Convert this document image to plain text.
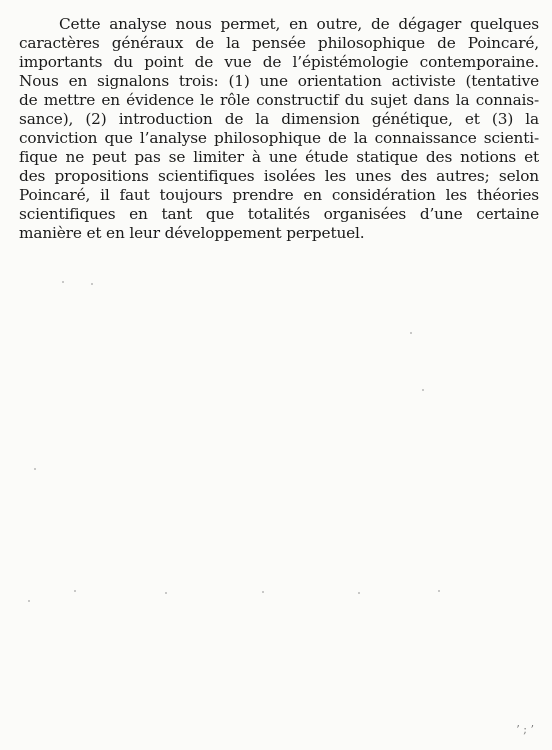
Cette analyse nous permet, en outre, de dégager quelques
caractères généraux de la pensée philosophique de Poincaré,
importants du point de vue de l’épistémologie contemporaine.
Nous en signalons trois: (1) une orientation activiste (tentative
de mettre en évidence le rôle constructif du sujet dans la connais-
sance), (2) introduction de la dimension génétique, et (3) la
conviction que l’analyse philosophique de la connaissance scienti-
fique ne peut pas se limiter à une étude statique des notions et
des propositions scientifiques isolées les unes des autres; selon
Poincaré, il faut toujours prendre en considération les théories
scientifiques en tant que totalités organisées d’une certaine
manière et en leur développement perpetuel.
’ ; ’
